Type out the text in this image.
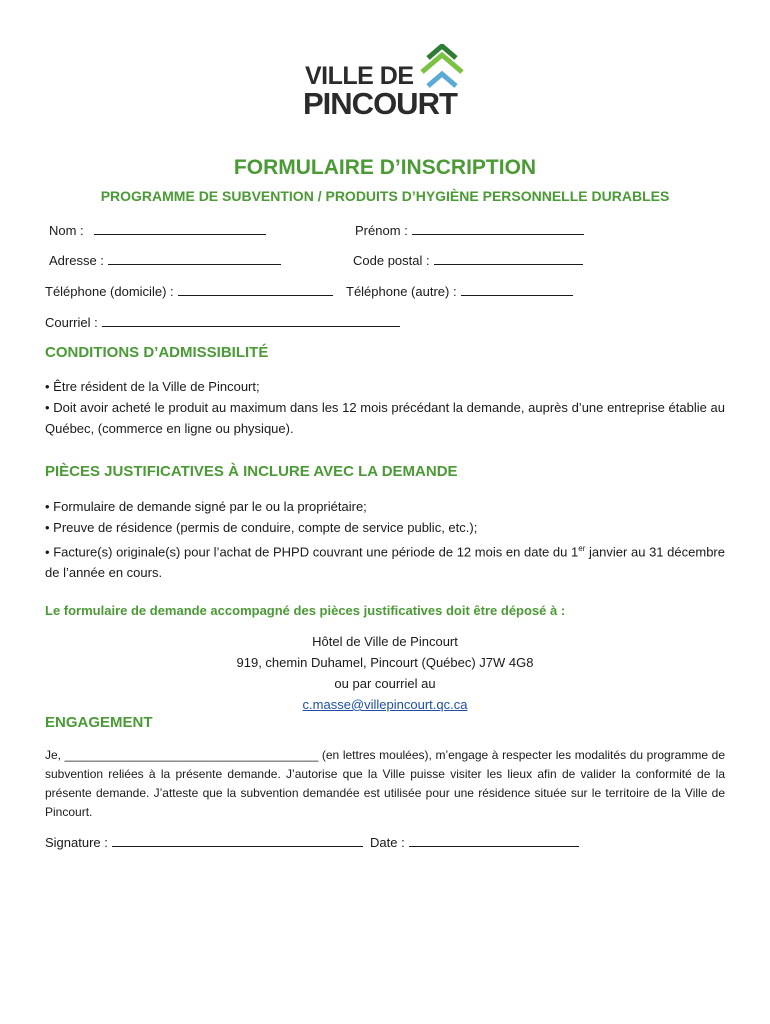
VILLE DE
PINCOURT
FORMULAIRE D’INSCRIPTION
PROGRAMME DE SUBVENTION / PRODUITS D’HYGIÈNE PERSONNELLE DURABLES
Nom :	Prénom :
Adresse :	Code postal :
Téléphone (domicile) :	Téléphone (autre) :
Courriel :
CONDITIONS D’ADMISSIBILITÉ
• Être résident de la Ville de Pincourt;
• Doit avoir acheté le produit au maximum dans les 12 mois précédant la demande, auprès d’une entreprise établie au Québec, (commerce en ligne ou physique).
PIÈCES JUSTIFICATIVES À INCLURE AVEC LA DEMANDE
• Formulaire de demande signé par le ou la propriétaire;
• Preuve de résidence (permis de conduire, compte de service public, etc.);
• Facture(s) originale(s) pour l’achat de PHPD couvrant une période de 12 mois en date du 1er janvier au 31 décembre de l’année en cours.
Le formulaire de demande accompagné des pièces justificatives doit être déposé à :
Hôtel de Ville de Pincourt
919, chemin Duhamel, Pincourt (Québec) J7W 4G8
ou par courriel au
c.masse@villepincourt.qc.ca
ENGAGEMENT
Je, ______________________________________ (en lettres moulées), m’engage à respecter les modalités du programme de subvention reliées à la présente demande. J’autorise que la Ville puisse visiter les lieux afin de valider la conformité de la présente demande. J’atteste que la subvention demandée est utilisée pour une résidence située sur le territoire de la Ville de Pincourt.
Signature :	Date :
